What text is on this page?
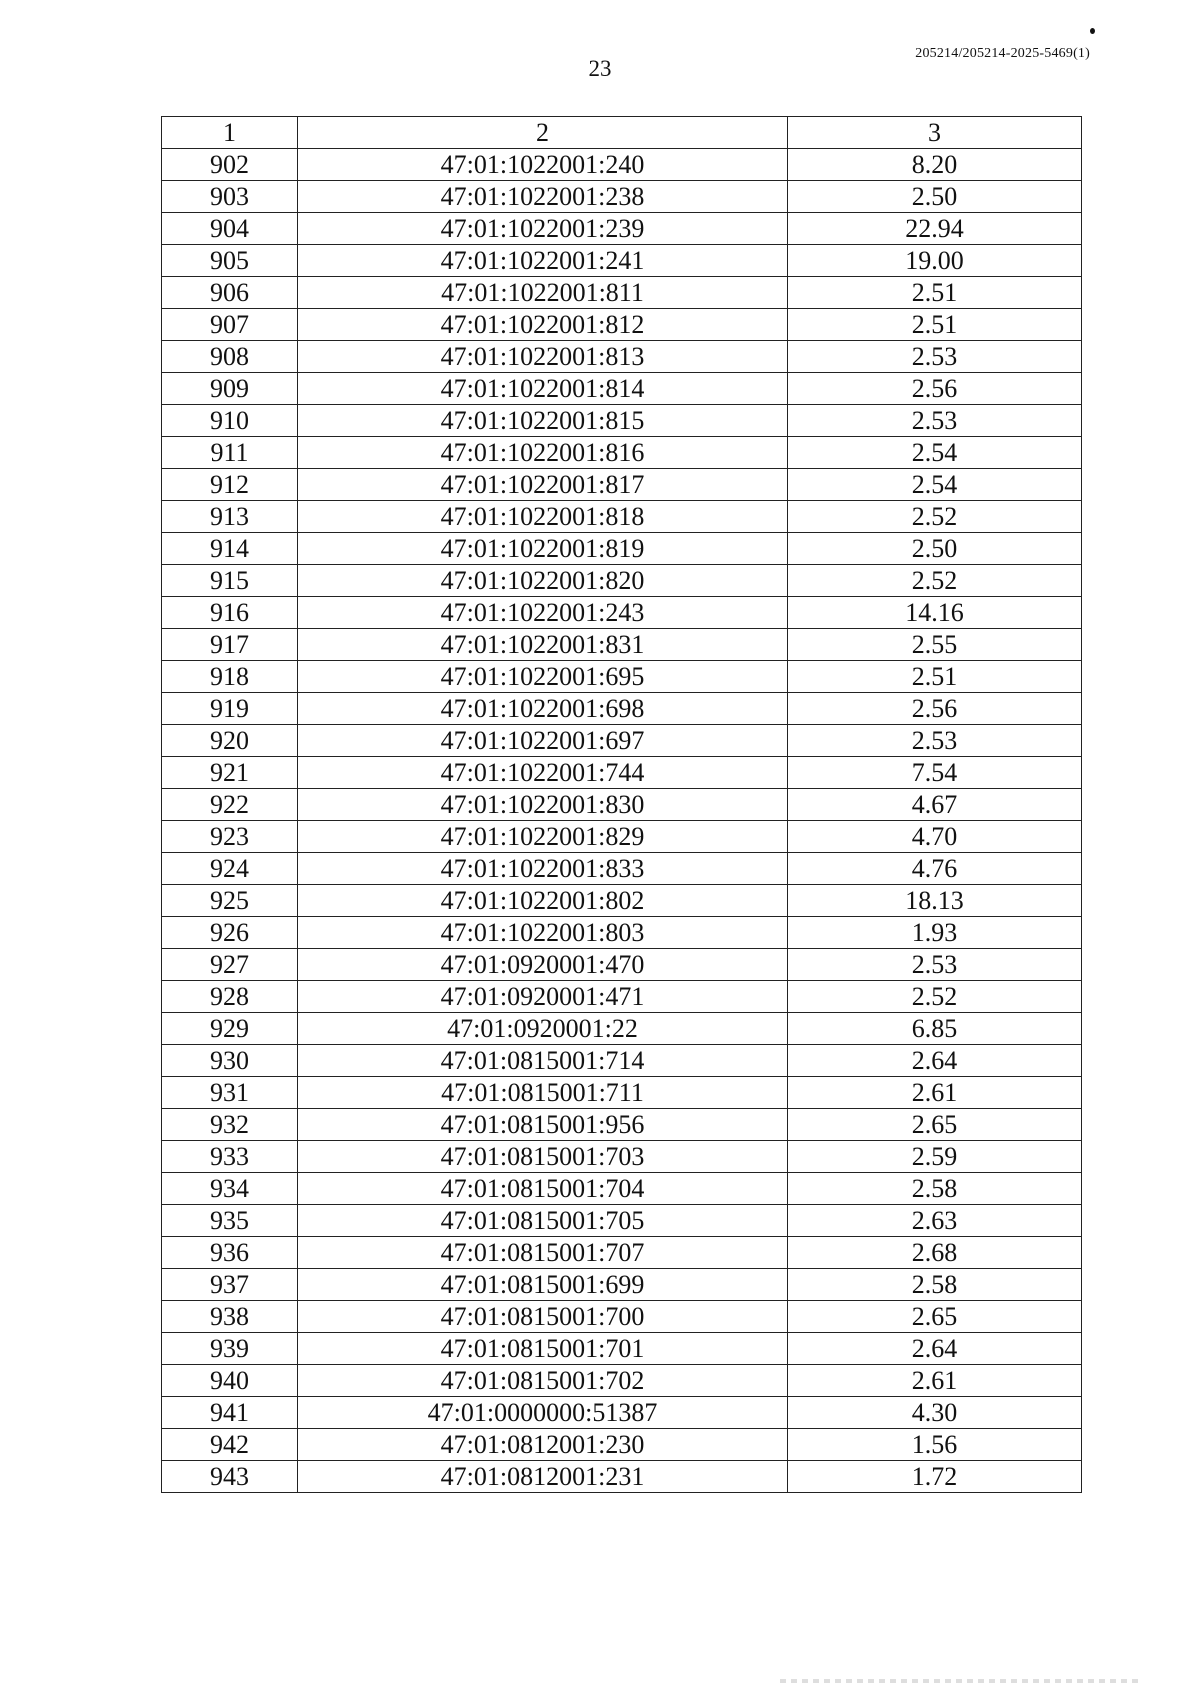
23
205214/205214-2025-5469(1)
1	2	3
902	47:01:1022001:240	8.20
903	47:01:1022001:238	2.50
904	47:01:1022001:239	22.94
905	47:01:1022001:241	19.00
906	47:01:1022001:811	2.51
907	47:01:1022001:812	2.51
908	47:01:1022001:813	2.53
909	47:01:1022001:814	2.56
910	47:01:1022001:815	2.53
911	47:01:1022001:816	2.54
912	47:01:1022001:817	2.54
913	47:01:1022001:818	2.52
914	47:01:1022001:819	2.50
915	47:01:1022001:820	2.52
916	47:01:1022001:243	14.16
917	47:01:1022001:831	2.55
918	47:01:1022001:695	2.51
919	47:01:1022001:698	2.56
920	47:01:1022001:697	2.53
921	47:01:1022001:744	7.54
922	47:01:1022001:830	4.67
923	47:01:1022001:829	4.70
924	47:01:1022001:833	4.76
925	47:01:1022001:802	18.13
926	47:01:1022001:803	1.93
927	47:01:0920001:470	2.53
928	47:01:0920001:471	2.52
929	47:01:0920001:22	6.85
930	47:01:0815001:714	2.64
931	47:01:0815001:711	2.61
932	47:01:0815001:956	2.65
933	47:01:0815001:703	2.59
934	47:01:0815001:704	2.58
935	47:01:0815001:705	2.63
936	47:01:0815001:707	2.68
937	47:01:0815001:699	2.58
938	47:01:0815001:700	2.65
939	47:01:0815001:701	2.64
940	47:01:0815001:702	2.61
941	47:01:0000000:51387	4.30
942	47:01:0812001:230	1.56
943	47:01:0812001:231	1.72
